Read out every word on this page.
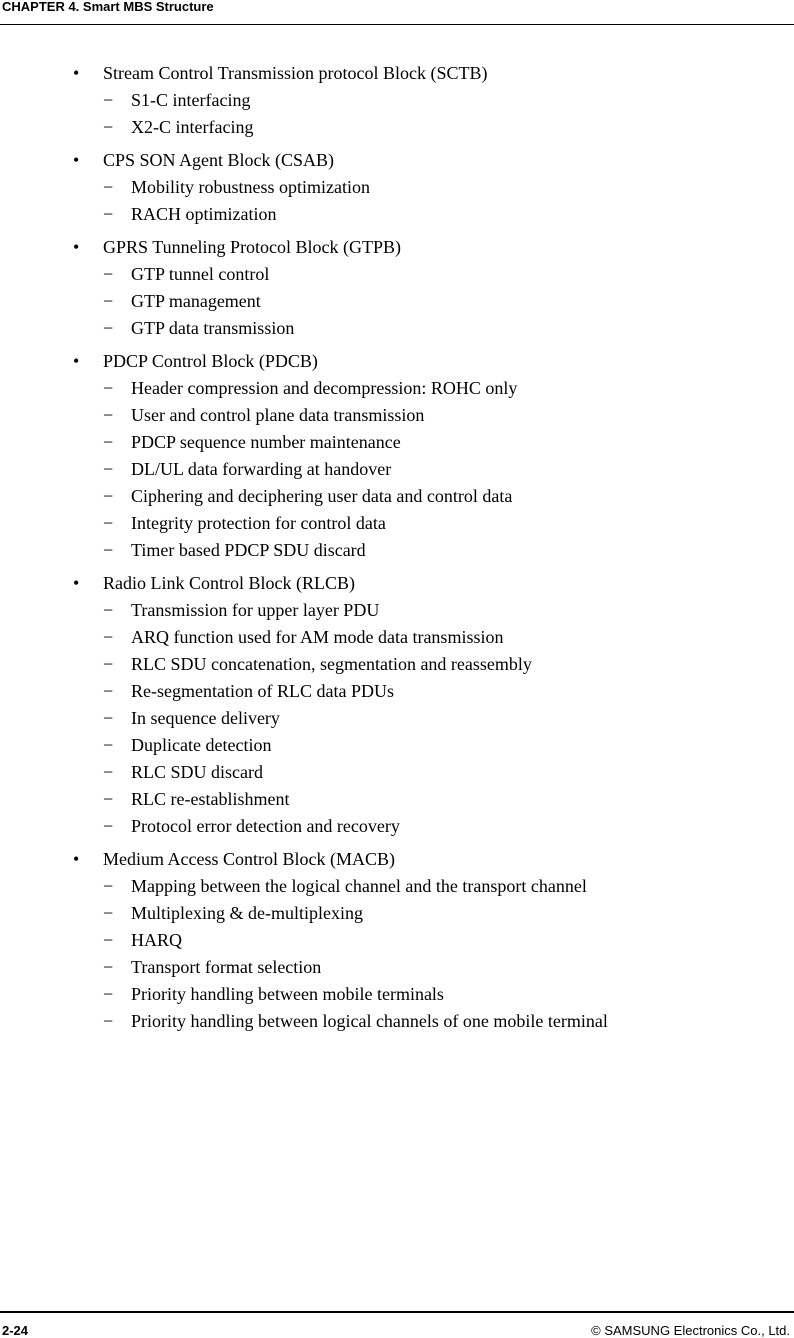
CHAPTER 4. Smart MBS Structure
• Stream Control Transmission protocol Block (SCTB)
− S1-C interfacing
− X2-C interfacing
• CPS SON Agent Block (CSAB)
− Mobility robustness optimization
− RACH optimization
• GPRS Tunneling Protocol Block (GTPB)
− GTP tunnel control
− GTP management
− GTP data transmission
• PDCP Control Block (PDCB)
− Header compression and decompression: ROHC only
− User and control plane data transmission
− PDCP sequence number maintenance
− DL/UL data forwarding at handover
− Ciphering and deciphering user data and control data
− Integrity protection for control data
− Timer based PDCP SDU discard
• Radio Link Control Block (RLCB)
− Transmission for upper layer PDU
− ARQ function used for AM mode data transmission
− RLC SDU concatenation, segmentation and reassembly
− Re-segmentation of RLC data PDUs
− In sequence delivery
− Duplicate detection
− RLC SDU discard
− RLC re-establishment
− Protocol error detection and recovery
• Medium Access Control Block (MACB)
− Mapping between the logical channel and the transport channel
− Multiplexing & de-multiplexing
− HARQ
− Transport format selection
− Priority handling between mobile terminals
− Priority handling between logical channels of one mobile terminal
2-24	© SAMSUNG Electronics Co., Ltd.
